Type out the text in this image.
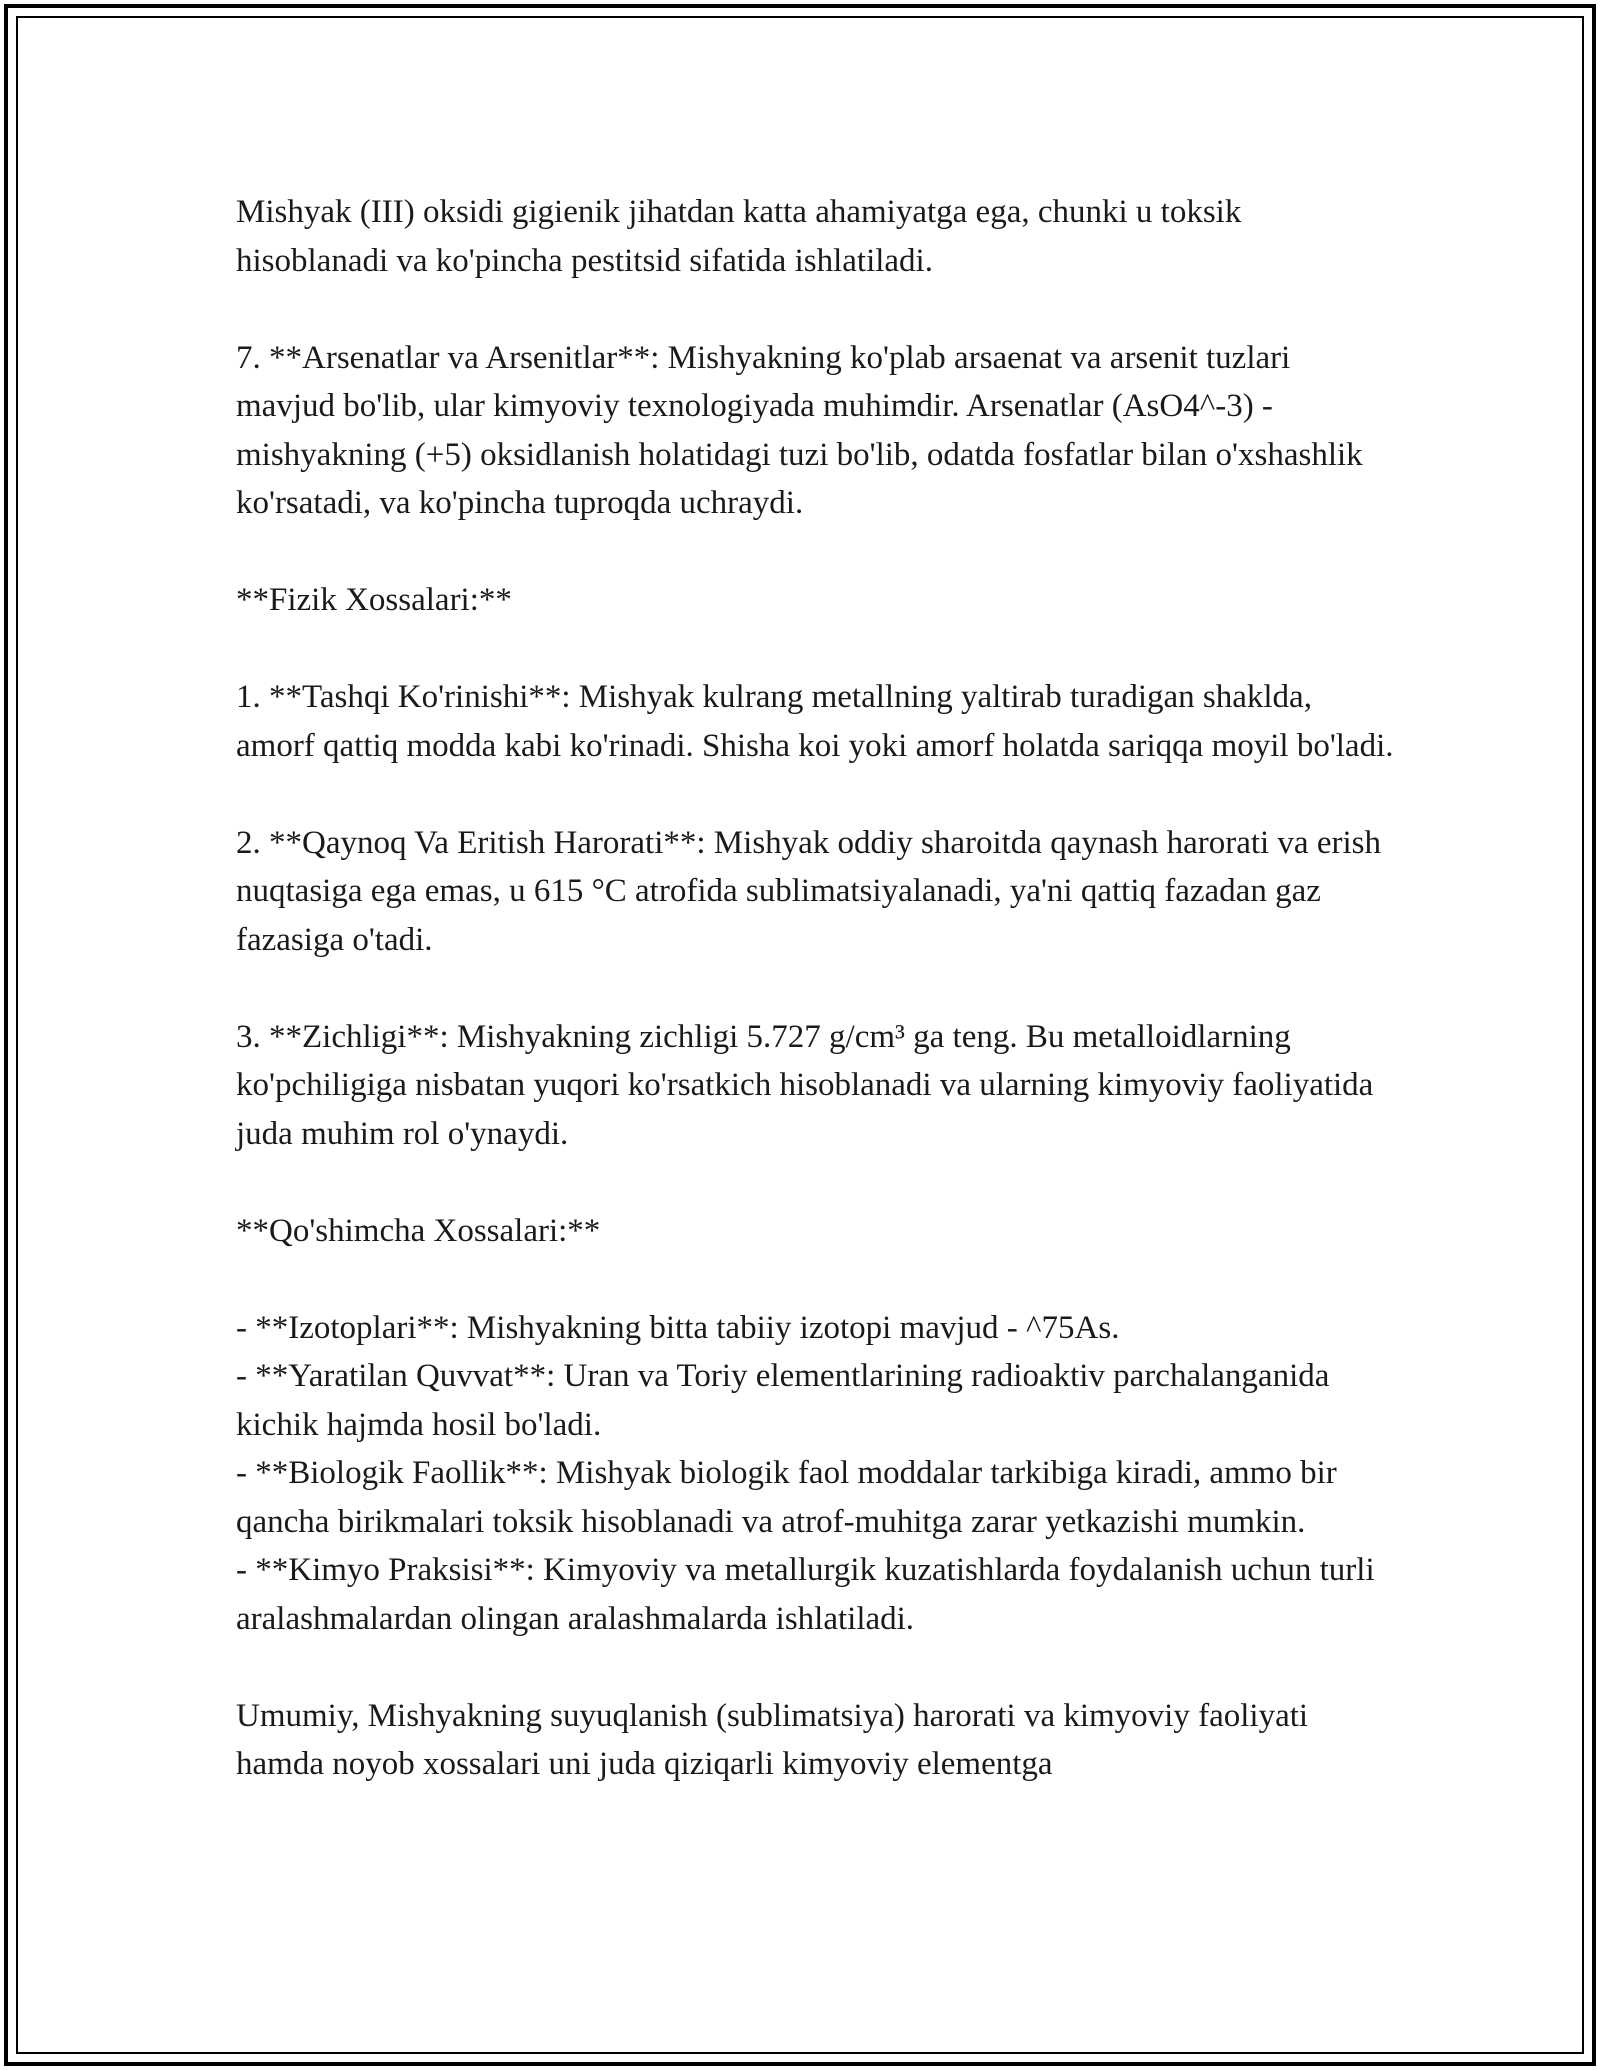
Mishyak (III) oksidi gigienik jihatdan katta ahamiyatga ega, chunki u toksik hisoblanadi va ko'pincha pestitsid sifatida ishlatiladi.

7. **Arsenatlar va Arsenitlar**: Mishyakning ko'plab arsaenat va arsenit tuzlari mavjud bo'lib, ular kimyoviy texnologiyada muhimdir. Arsenatlar (AsO4^-3) - mishyakning (+5) oksidlanish holatidagi tuzi bo'lib, odatda fosfatlar bilan o'xshashlik ko'rsatadi, va ko'pincha tuproqda uchraydi.

**Fizik Xossalari:**

1. **Tashqi Ko'rinishi**: Mishyak kulrang metallning yaltirab turadigan shaklda, amorf qattiq modda kabi ko'rinadi. Shisha koi yoki amorf holatda sariqqa moyil bo'ladi.

2. **Qaynoq Va Eritish Harorati**: Mishyak oddiy sharoitda qaynash harorati va erish nuqtasiga ega emas, u 615 °C atrofida sublimatsiyalanadi, ya'ni qattiq fazadan gaz fazasiga o'tadi.

3. **Zichligi**: Mishyakning zichligi 5.727 g/cm³ ga teng. Bu metalloidlarning ko'pchiligiga nisbatan yuqori ko'rsatkich hisoblanadi va ularning kimyoviy faoliyatida juda muhim rol o'ynaydi.

**Qo'shimcha Xossalari:**

- **Izotoplari**: Mishyakning bitta tabiiy izotopi mavjud - ^75As.

- **Yaratilan Quvvat**: Uran va Toriy elementlarining radioaktiv parchalanganida kichik hajmda hosil bo'ladi.

- **Biologik Faollik**: Mishyak biologik faol moddalar tarkibiga kiradi, ammo bir qancha birikmalari toksik hisoblanadi va atrof-muhitga zarar yetkazishi mumkin.

- **Kimyo Praksisi**: Kimyoviy va metallurgik kuzatishlarda foydalanish uchun turli aralashmalardan olingan aralashmalarda ishlatiladi.

Umumiy, Mishyakning suyuqlanish (sublimatsiya) harorati va kimyoviy faoliyati hamda noyob xossalari uni juda qiziqarli kimyoviy elementga
